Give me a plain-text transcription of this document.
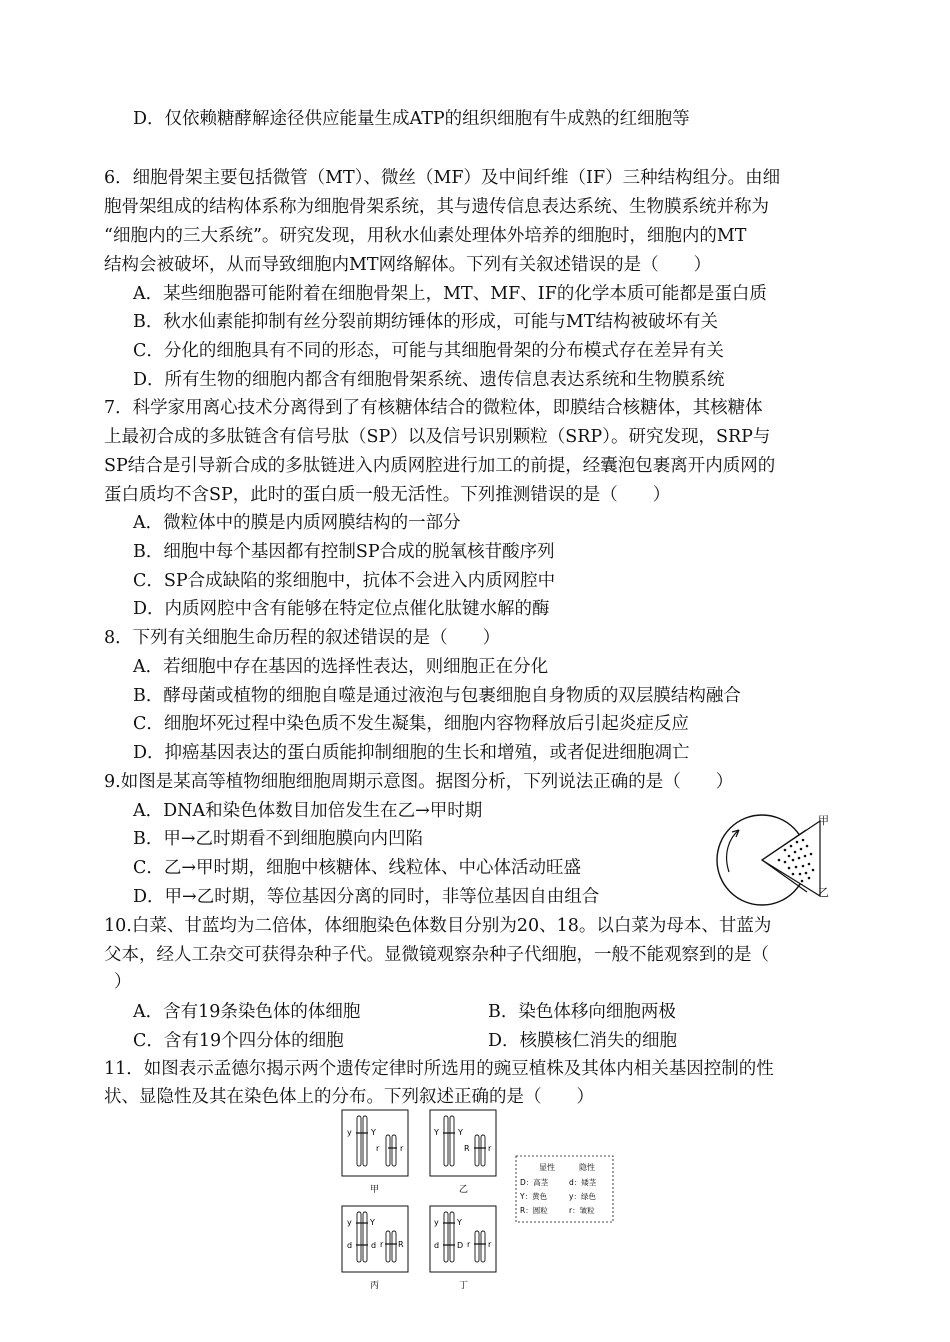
D．仅依赖糖酵解途径供应能量生成ATP的组织细胞有牛成熟的红细胞等
6．细胞骨架主要包括微管（MT）、微丝（MF）及中间纤维（IF）三种结构组分。由细
胞骨架组成的结构体系称为细胞骨架系统，其与遗传信息表达系统、生物膜系统并称为
“细胞内的三大系统”。研究发现，用秋水仙素处理体外培养的细胞时，细胞内的MT
结构会被破坏，从而导致细胞内MT网络解体。下列有关叙述错误的是（　　）
A．某些细胞器可能附着在细胞骨架上，MT、MF、IF的化学本质可能都是蛋白质
B．秋水仙素能抑制有丝分裂前期纺锤体的形成，可能与MT结构被破坏有关
C．分化的细胞具有不同的形态，可能与其细胞骨架的分布模式存在差异有关
D．所有生物的细胞内都含有细胞骨架系统、遗传信息表达系统和生物膜系统
7．科学家用离心技术分离得到了有核糖体结合的微粒体，即膜结合核糖体，其核糖体
上最初合成的多肽链含有信号肽（SP）以及信号识别颗粒（SRP）。研究发现，SRP与
SP结合是引导新合成的多肽链进入内质网腔进行加工的前提，经囊泡包裹离开内质网的
蛋白质均不含SP，此时的蛋白质一般无活性。下列推测错误的是（　　）
A．微粒体中的膜是内质网膜结构的一部分
B．细胞中每个基因都有控制SP合成的脱氧核苷酸序列
C．SP合成缺陷的浆细胞中，抗体不会进入内质网腔中
D．内质网腔中含有能够在特定位点催化肽键水解的酶
8．下列有关细胞生命历程的叙述错误的是（　　）
A．若细胞中存在基因的选择性表达，则细胞正在分化
B．酵母菌或植物的细胞自噬是通过液泡与包裹细胞自身物质的双层膜结构融合
C．细胞坏死过程中染色质不发生凝集，细胞内容物释放后引起炎症反应
D．抑癌基因表达的蛋白质能抑制细胞的生长和增殖，或者促进细胞凋亡
9.如图是某高等植物细胞细胞周期示意图。据图分析，下列说法正确的是（　　）
A．DNA和染色体数目加倍发生在乙→甲时期
B．甲→乙时期看不到细胞膜向内凹陷
C．乙→甲时期，细胞中核糖体、线粒体、中心体活动旺盛
D．甲→乙时期，等位基因分离的同时，非等位基因自由组合
甲
乙
10.白菜、甘蓝均为二倍体，体细胞染色体数目分别为20、18。以白菜为母本、甘蓝为
父本，经人工杂交可获得杂种子代。显微镜观察杂种子代细胞，一般不能观察到的是（
）
A．含有19条染色体的体细胞	B．染色体移向细胞两极
C．含有19个四分体的细胞	D．核膜核仁消失的细胞
11．如图表示孟德尔揭示两个遗传定律时所选用的豌豆植株及其体内相关基因控制的性
状、显隐性及其在染色体上的分布。下列叙述正确的是（　　）
y Y
r	r
甲
Y Y
R r
乙
y Y
d d r R
丙
y Y
d D r r
丁
显性	隐性
D：高茎	d：矮茎
Y：黄色	y：绿色
R：圆粒	r：皱粒
